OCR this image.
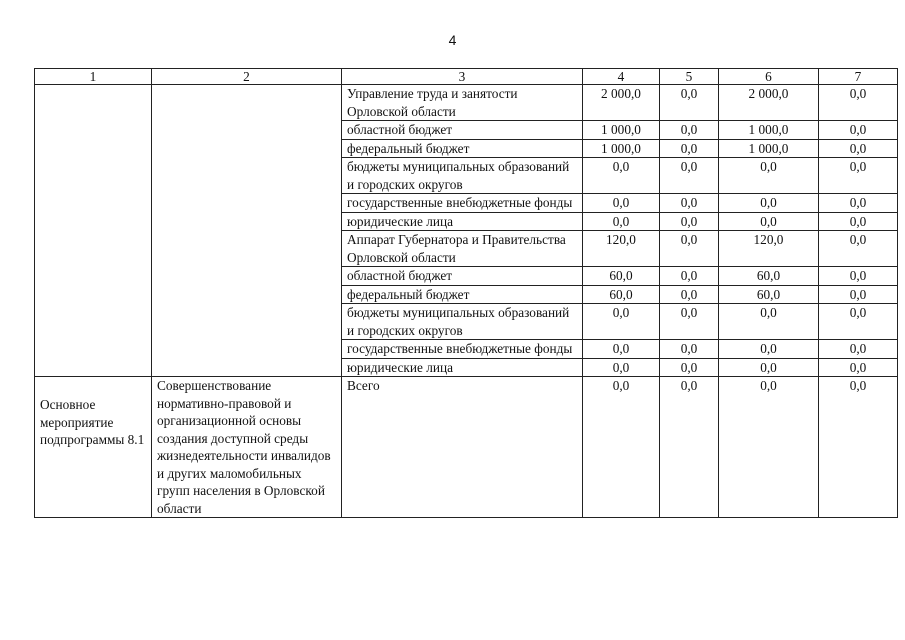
4
1	2	3	4	5	6	7
		Управление труда и занятости Орловской области	2 000,0	0,0	2 000,0	0,0
		областной бюджет	1 000,0	0,0	1 000,0	0,0
		федеральный бюджет	1 000,0	0,0	1 000,0	0,0
		бюджеты муниципальных образований и городских округов	0,0	0,0	0,0	0,0
		государственные внебюджетные фонды	0,0	0,0	0,0	0,0
		юридические лица	0,0	0,0	0,0	0,0
		Аппарат Губернатора и Правительства Орловской области	120,0	0,0	120,0	0,0
		областной бюджет	60,0	0,0	60,0	0,0
		федеральный бюджет	60,0	0,0	60,0	0,0
		бюджеты муниципальных образований и городских округов	0,0	0,0	0,0	0,0
		государственные внебюджетные фонды	0,0	0,0	0,0	0,0
		юридические лица	0,0	0,0	0,0	0,0
Основное мероприятие подпрограммы 8.1	Совершенствование нормативно-правовой и организационной основы создания доступной среды жизнедеятельности инвалидов и других маломобильных групп населения в Орловской области	Всего	0,0	0,0	0,0	0,0
